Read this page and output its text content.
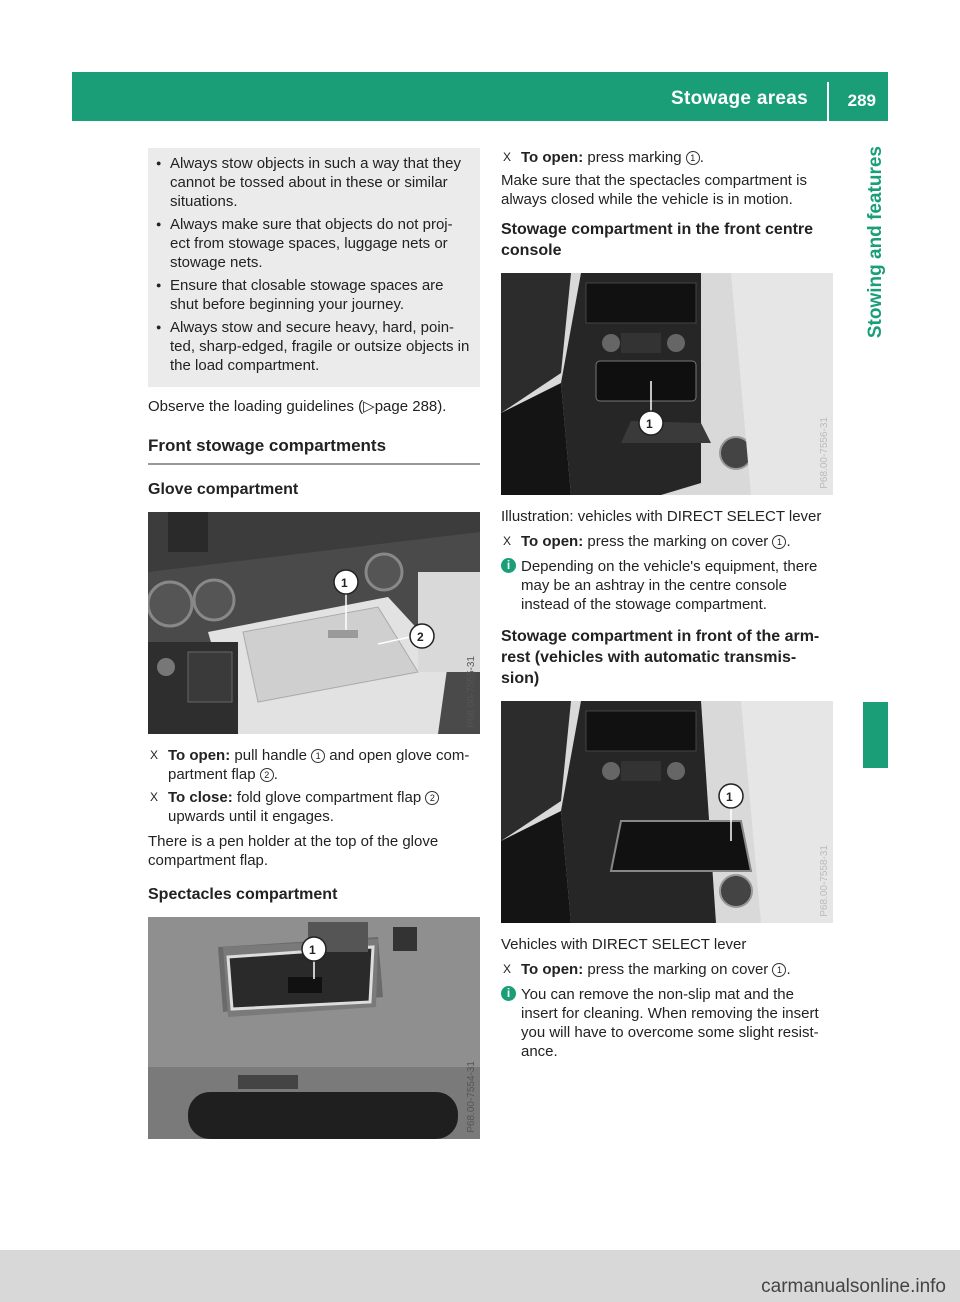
Stowage areas 289
Stowing and features
● Always stow objects in such a way that they cannot be tossed about in these or similar situations.
● Always make sure that objects do not proj-ect from stowage spaces, luggage nets or stowage nets.
● Ensure that closable stowage spaces are shut before beginning your journey.
● Always stow and secure heavy, hard, poin-ted, sharp-edged, fragile or outsize objects in the load compartment.

Observe the loading guidelines (▷page 288).

Front stowage compartments
Glove compartment
1
2
P68.00-7555-31
X To open: pull handle 1 and open glove com-partment flap 2 .
X To close: fold glove compartment flap 2 upwards until it engages.

There is a pen holder at the top of the glove compartment flap.

Spectacles compartment
1
P68.00-7554-31
X To open: press marking 1 .

Make sure that the spectacles compartment is always closed while the vehicle is in motion.

Stowage compartment in the front centre console
1	P68.00-7556-31

Illustration: vehicles with DIRECT SELECT lever

X To open: press the marking on cover 1 .
i Depending on the vehicle's equipment, there may be an ashtray in the centre console instead of the stowage compartment.
Stowage compartment in front of the arm-rest (vehicles with automatic transmis-sion)
1
P68.00-7558-31

Vehicles with DIRECT SELECT lever

X To open: press the marking on cover 1 .
i You can remove the non-slip mat and the insert for cleaning. When removing the insert you will have to overcome some slight resist-ance.
carmanualsonline.info
